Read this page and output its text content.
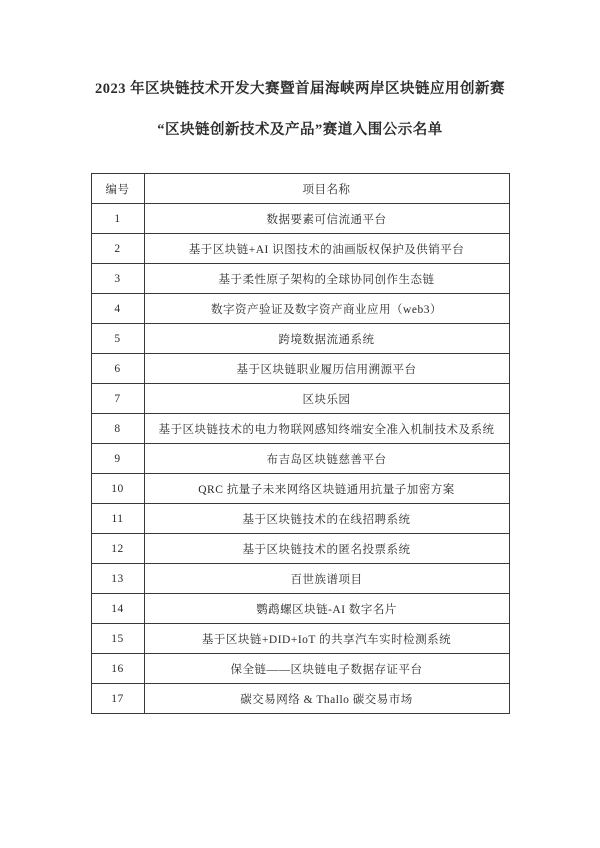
2023 年区块链技术开发大赛暨首届海峡两岸区块链应用创新赛
“区块链创新技术及产品”赛道入围公示名单
编号	项目名称
1	数据要素可信流通平台
2	基于区块链+AI 识图技术的油画版权保护及供销平台
3	基于柔性原子架构的全球协同创作生态链
4	数字资产验证及数字资产商业应用（web3）
5	跨境数据流通系统
6	基于区块链职业履历信用溯源平台
7	区块乐园
8	基于区块链技术的电力物联网感知终端安全准入机制技术及系统
9	布吉岛区块链慈善平台
10	QRC 抗量子未来网络区块链通用抗量子加密方案
11	基于区块链技术的在线招聘系统
12	基于区块链技术的匿名投票系统
13	百世族谱项目
14	鹦鹉螺区块链-AI 数字名片
15	基于区块链+DID+IoT 的共享汽车实时检测系统
16	保全链——区块链电子数据存证平台
17	碳交易网络 & Thallo 碳交易市场
